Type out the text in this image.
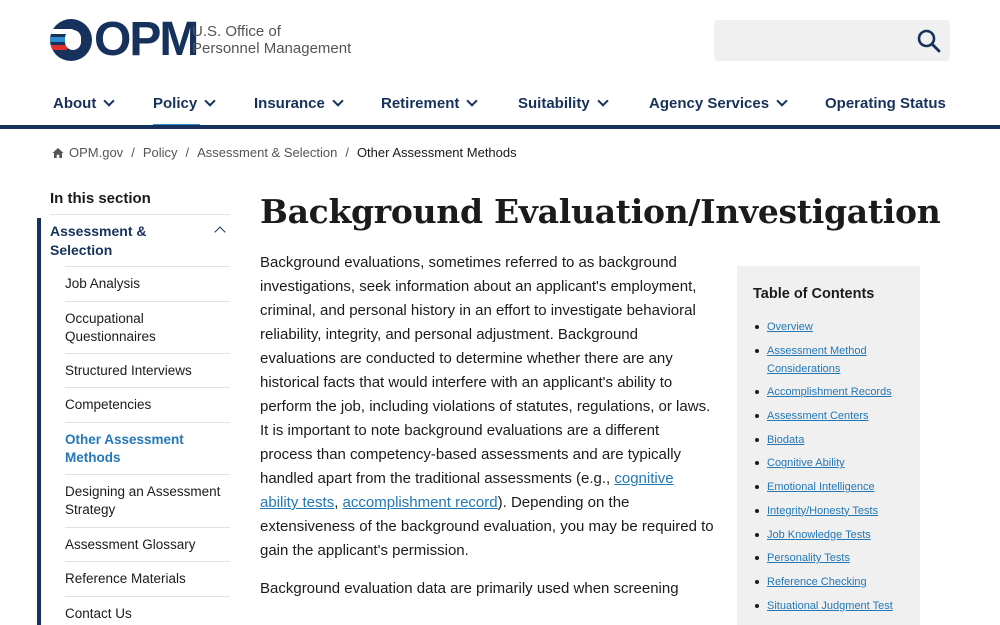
OPM
U.S. Office of
Personnel Management
About	Policy	Insurance	Retirement	Suitability	Agency Services	Operating Status
OPM.gov / Policy / Assessment & Selection / Other Assessment Methods
In this section
Assessment & Selection
Job Analysis
Occupational Questionnaires
Structured Interviews
Competencies
Other Assessment Methods
Designing an Assessment Strategy
Assessment Glossary
Reference Materials
Contact Us
Background Evaluation/Investigation

Background evaluations, sometimes referred to as background investigations, seek information about an applicant's employment, criminal, and personal history in an effort to investigate behavioral reliability, integrity, and personal adjustment. Background evaluations are conducted to determine whether there are any historical facts that would interfere with an applicant's ability to perform the job, including violations of statutes, regulations, or laws. It is important to note background evaluations are a different process than competency-based assessments and are typically handled apart from the traditional assessments (e.g., cognitive ability tests, accomplishment record). Depending on the extensiveness of the background evaluation, you may be required to gain the applicant's permission.

Background evaluation data are primarily used when screening

Table of Contents
Overview
Assessment Method Considerations
Accomplishment Records
Assessment Centers
Biodata
Cognitive Ability
Emotional Intelligence
Integrity/Honesty Tests
Job Knowledge Tests
Personality Tests
Reference Checking
Situational Judgment Test
